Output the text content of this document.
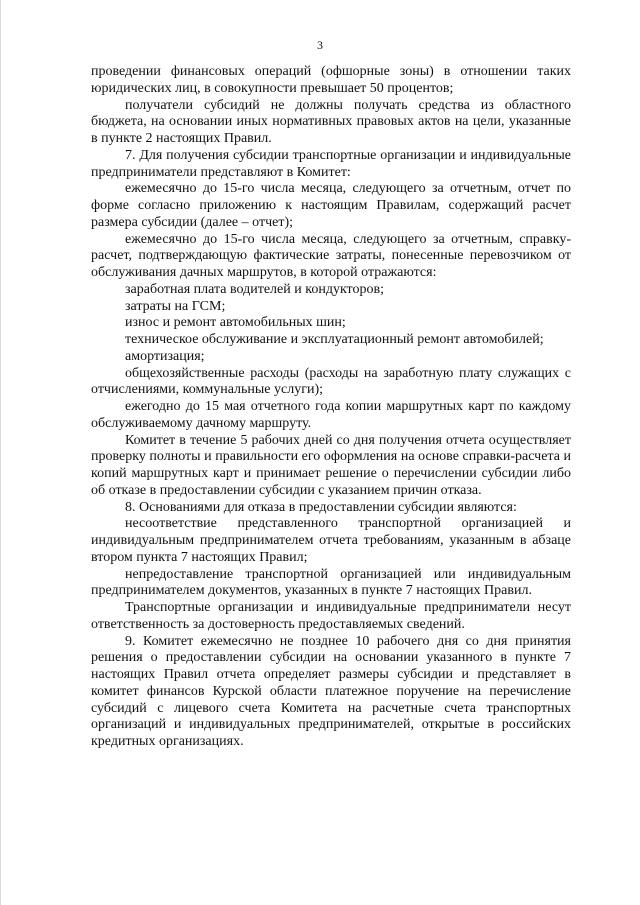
3

проведении финансовых операций (офшорные зоны) в отношении таких юридических лиц, в совокупности превышает 50 процентов;

получатели субсидий не должны получать средства из областного бюджета, на основании иных нормативных правовых актов на цели, указанные в пункте 2 настоящих Правил.

7. Для получения субсидии транспортные организации и индивидуальные предприниматели представляют в Комитет:

ежемесячно до 15-го числа месяца, следующего за отчетным, отчет по форме согласно приложению к настоящим Правилам, содержащий расчет размера субсидии (далее – отчет);

ежемесячно до 15-го числа месяца, следующего за отчетным, справку-расчет, подтверждающую фактические затраты, понесенные перевозчиком от обслуживания дачных маршрутов, в которой отражаются:

заработная плата водителей и кондукторов;

затраты на ГСМ;

износ и ремонт автомобильных шин;

техническое обслуживание и эксплуатационный ремонт автомобилей;

амортизация;

общехозяйственные расходы (расходы на заработную плату служащих с отчислениями, коммунальные услуги);

ежегодно до 15 мая отчетного года копии маршрутных карт по каждому обслуживаемому дачному маршруту.

Комитет в течение 5 рабочих дней со дня получения отчета осуществляет проверку полноты и правильности его оформления на основе справки-расчета и копий маршрутных карт и принимает решение о перечислении субсидии либо об отказе в предоставлении субсидии с указанием причин отказа.

8. Основаниями для отказа в предоставлении субсидии являются:

несоответствие представленного транспортной организацией и индивидуальным предпринимателем отчета требованиям, указанным в абзаце втором пункта 7 настоящих Правил;

непредоставление транспортной организацией или индивидуальным предпринимателем документов, указанных в пункте 7 настоящих Правил.

Транспортные организации и индивидуальные предприниматели несут ответственность за достоверность предоставляемых сведений.

9. Комитет ежемесячно не позднее 10 рабочего дня со дня принятия решения о предоставлении субсидии на основании указанного в пункте 7 настоящих Правил отчета определяет размеры субсидии и представляет в комитет финансов Курской области платежное поручение на перечисление субсидий с лицевого счета Комитета на расчетные счета транспортных организаций и индивидуальных предпринимателей, открытые в российских кредитных организациях.
